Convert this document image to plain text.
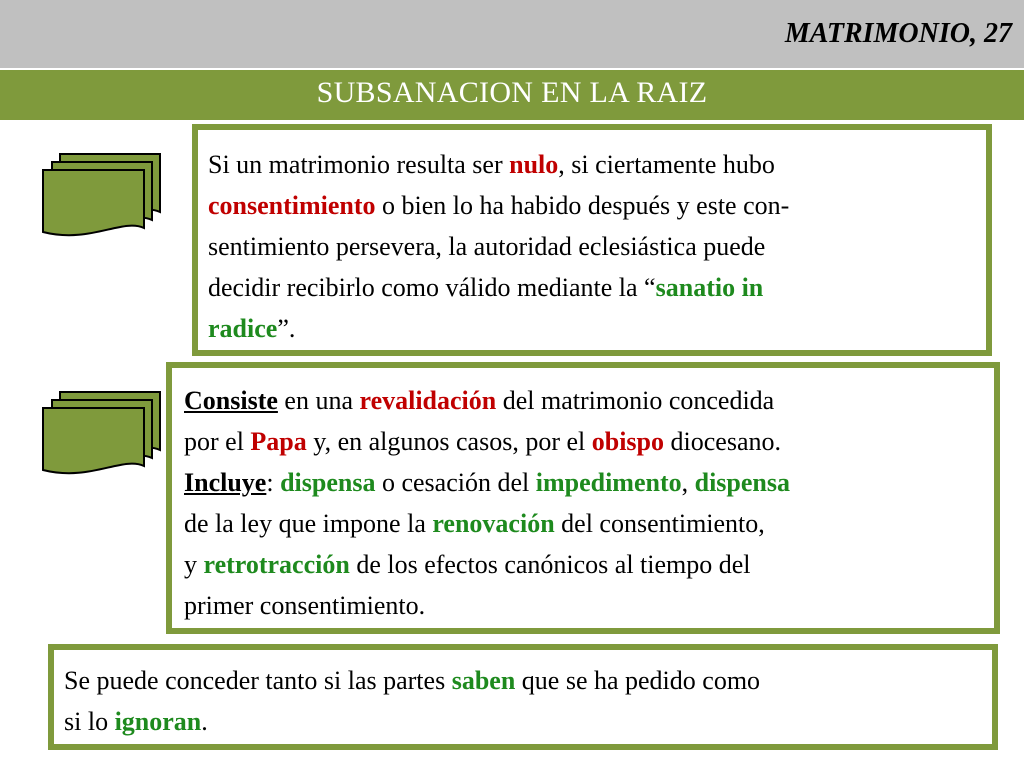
MATRIMONIO, 27
SUBSANACION EN LA RAIZ
Si un matrimonio resulta ser nulo, si ciertamente hubo
consentimiento o bien lo ha habido después y este con-
sentimiento persevera, la autoridad eclesiástica puede
decidir recibirlo como válido mediante la “sanatio in
radice”.
Consiste en una revalidación del matrimonio concedida
por el Papa y, en algunos casos, por el obispo diocesano.
Incluye: dispensa o cesación del impedimento, dispensa
de la ley que impone la renovación del consentimiento,
y retrotracción de los efectos canónicos al tiempo del
primer consentimiento.
Se puede conceder tanto si las partes saben que se ha pedido como
si lo ignoran.
